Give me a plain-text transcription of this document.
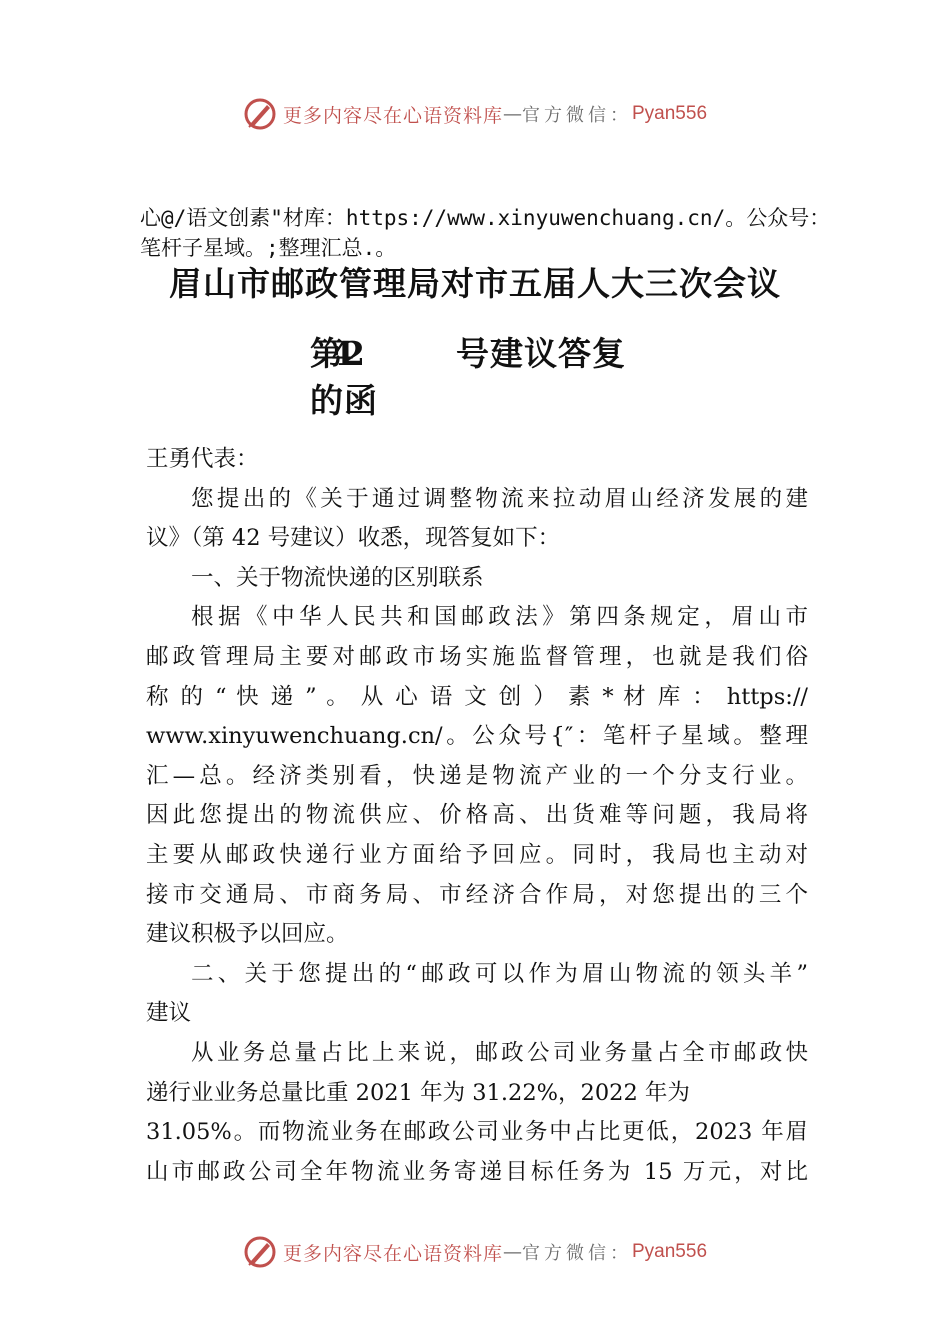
更多内容尽在心语资料库 — 官方微信： Pyan556
心@/语文创素"材库：https://www.xinyuwenchuang.cn/。公众号：笔杆子星域。;整理汇总.。
眉山市邮政管理局对市五届人大三次会议
第42	号建议答复的函
王勇代表：
您提出的《关于通过调整物流来拉动眉山经济发展的建
议》（第 42 号建议）收悉，现答复如下：
一、关于物流快递的区别联系
根据《中华人民共和国邮政法》第四条规定，眉山市
邮政管理局主要对邮政市场实施监督管理，也就是我们俗
称 的 “ 快 递 ” 。 从 心 语 文 创 ） 素 * 材 库 ： https://
www.xinyuwenchuang.cn/。公众号{″：笔杆子星域。整理
汇—总。经济类别看，快递是物流产业的一个分支行业。
因此您提出的物流供应、价格高、出货难等问题，我局将
主要从邮政快递行业方面给予回应。同时，我局也主动对
接市交通局、市商务局、市经济合作局，对您提出的三个
建议积极予以回应。
二、关于您提出的“邮政可以作为眉山物流的领头羊”
建议
从业务总量占比上来说，邮政公司业务量占全市邮政快
递行业业务总量比重 2021 年为 31.22%，2022 年为
31.05%。而物流业务在邮政公司业务中占比更低，2023 年眉
山市邮政公司全年物流业务寄递目标任务为 15 万元，对比
更多内容尽在心语资料库 — 官方微信： Pyan556
